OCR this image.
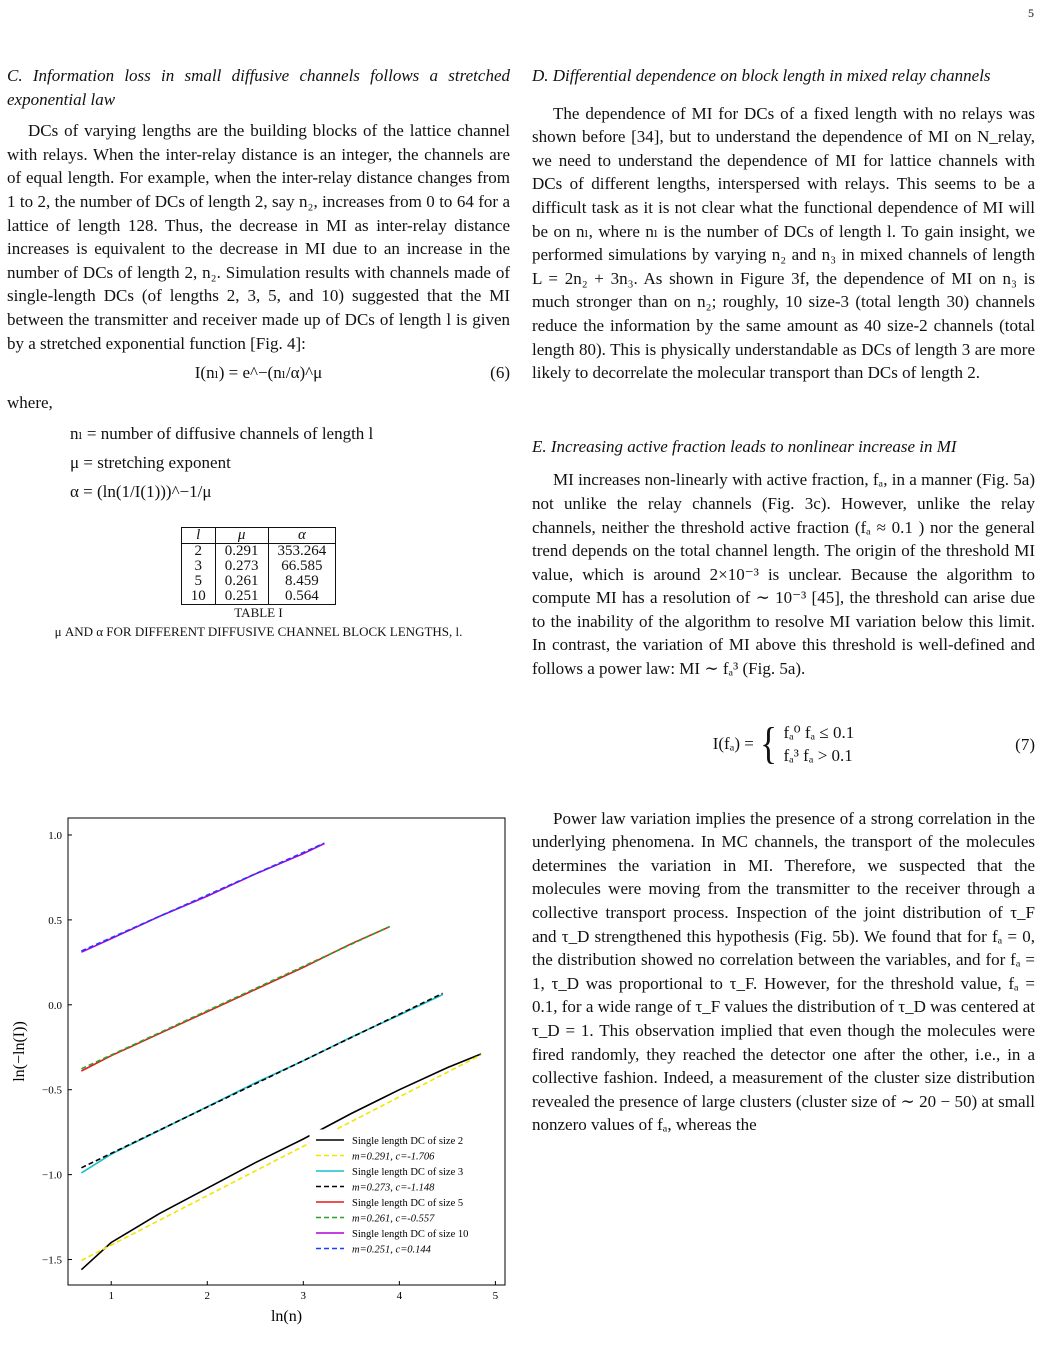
5
C. Information loss in small diffusive channels follows a stretched exponential law

DCs of varying lengths are the building blocks of the lattice channel with relays. When the inter-relay distance is an integer, the channels are of equal length. For example, when the inter-relay distance changes from 1 to 2, the number of DCs of length 2, say n₂, increases from 0 to 64 for a lattice of length 128. Thus, the decrease in MI as inter-relay distance increases is equivalent to the decrease in MI due to an increase in the number of DCs of length 2, n₂. Simulation results with channels made of single-length DCs (of lengths 2, 3, 5, and 10) suggested that the MI between the transmitter and receiver made up of DCs of length l is given by a stretched exponential function [Fig. 4]:

I(nₗ) = e^−(nₗ/α)^μ	(6)

where,

nₗ = number of diffusive channels of length l
μ = stretching exponent
α = (ln(1/I(1)))^−1/μ
l	μ	α
2	0.291	353.264
3	0.273	66.585
5	0.261	8.459
10	0.251	0.564
TABLE I
μ AND α FOR DIFFERENT DIFFUSIVE CHANNEL BLOCK LENGTHS, l.
1	2	3	4	5
−1.5
−1.0
−0.5
0.0
0.5
1.0
ln(n)
ln(−ln(I))
Single length DC of size 2
m=0.291, c=-1.706
Single length DC of size 3
m=0.273, c=-1.148
Single length DC of size 5
m=0.261, c=-0.557
Single length DC of size 10
m=0.251, c=0.144
D. Differential dependence on block length in mixed relay channels

The dependence of MI for DCs of a fixed length with no relays was shown before [34], but to understand the dependence of MI on N_relay, we need to understand the dependence of MI for lattice channels with DCs of different lengths, interspersed with relays. This seems to be a difficult task as it is not clear what the functional dependence of MI will be on nₗ, where nₗ is the number of DCs of length l. To gain insight, we performed simulations by varying n₂ and n₃ in mixed channels of length L = 2n₂ + 3n₃. As shown in Figure 3f, the dependence of MI on n₃ is much stronger than on n₂; roughly, 10 size-3 (total length 30) channels reduce the information by the same amount as 40 size-2 channels (total length 80). This is physically understandable as DCs of length 3 are more likely to decorrelate the molecular transport than DCs of length 2.

E. Increasing active fraction leads to nonlinear increase in MI

MI increases non-linearly with active fraction, fₐ, in a manner (Fig. 5a) not unlike the relay channels (Fig. 3c). However, unlike the relay channels, neither the threshold active fraction (fₐ ≈ 0.1 ) nor the general trend depends on the total channel length. The origin of the threshold MI value, which is around 2×10⁻³ is unclear. Because the algorithm to compute MI has a resolution of ∼ 10⁻³ [45], the threshold can arise due to the inability of the algorithm to resolve MI variation below this limit. In contrast, the variation of MI above this threshold is well-defined and follows a power law: MI ∼ fₐ³ (Fig. 5a).

I(fₐ) = { fₐ⁰ fₐ ≤ 0.1
fₐ³ fₐ > 0.1
(7)

Power law variation implies the presence of a strong correlation in the underlying phenomena. In MC channels, the transport of the molecules determines the variation in MI. Therefore, we suspected that the molecules were moving from the transmitter to the receiver through a collective transport process. Inspection of the joint distribution of τ_F and τ_D strengthened this hypothesis (Fig. 5b). We found that for fₐ = 0, the distribution showed no correlation between the variables, and for fₐ = 1, τ_D was proportional to τ_F. However, for the threshold value, fₐ = 0.1, for a wide range of τ_F values the distribution of τ_D was centered at τ_D = 1. This observation implied that even though the molecules were fired randomly, they reached the detector one after the other, i.e., in a collective fashion. Indeed, a measurement of the cluster size distribution revealed the presence of large clusters (cluster size of ∼ 20 − 50) at small nonzero values of fₐ, whereas the
